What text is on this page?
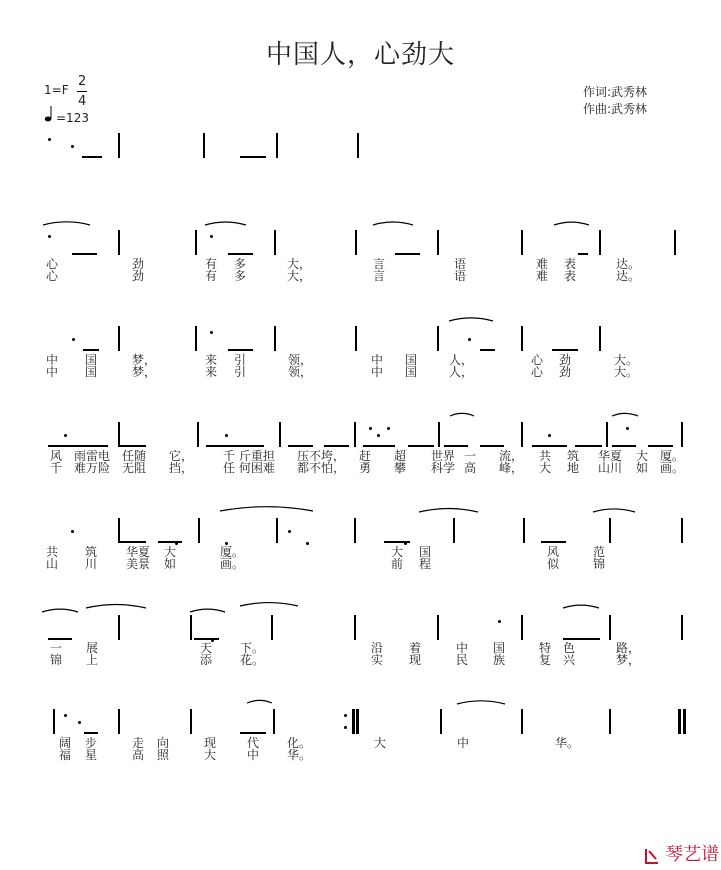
中国人，心劲大
1=F
2
4
=123
作词:武秀林
作曲:武秀林
心
心
劲
劲
有
有
多
多
大，
大，
言
言
语
语
难
难
表
表
达。
达。
中
中
国
国
梦，
梦，
来
来
引
引
领，
领，
中
中
国
国
人，
人，
心
心
劲
劲
大。
大。
风
千
雨雷电
难万险
任随
无阻
它，
挡，
千 斤重担
任 何困难
压不垮，
都不怕，
赶
勇
超
攀
世界
科学
一
高
流，
峰，
共
大
筑
地
华夏
山川
大
如
厦。
画。
共
山
筑
川
华夏
美景
大
如
厦。
画。
大
前
国
程
风
似
范
锦
一
锦
展
上
天
添
下。
花。
沿
实
着
现
中
民
国
族
特
复
色
兴
路，
梦，
阔
福
步
星
走
高
向
照
现
大
代
中
化。
华。
大	中	华。
琴艺谱
